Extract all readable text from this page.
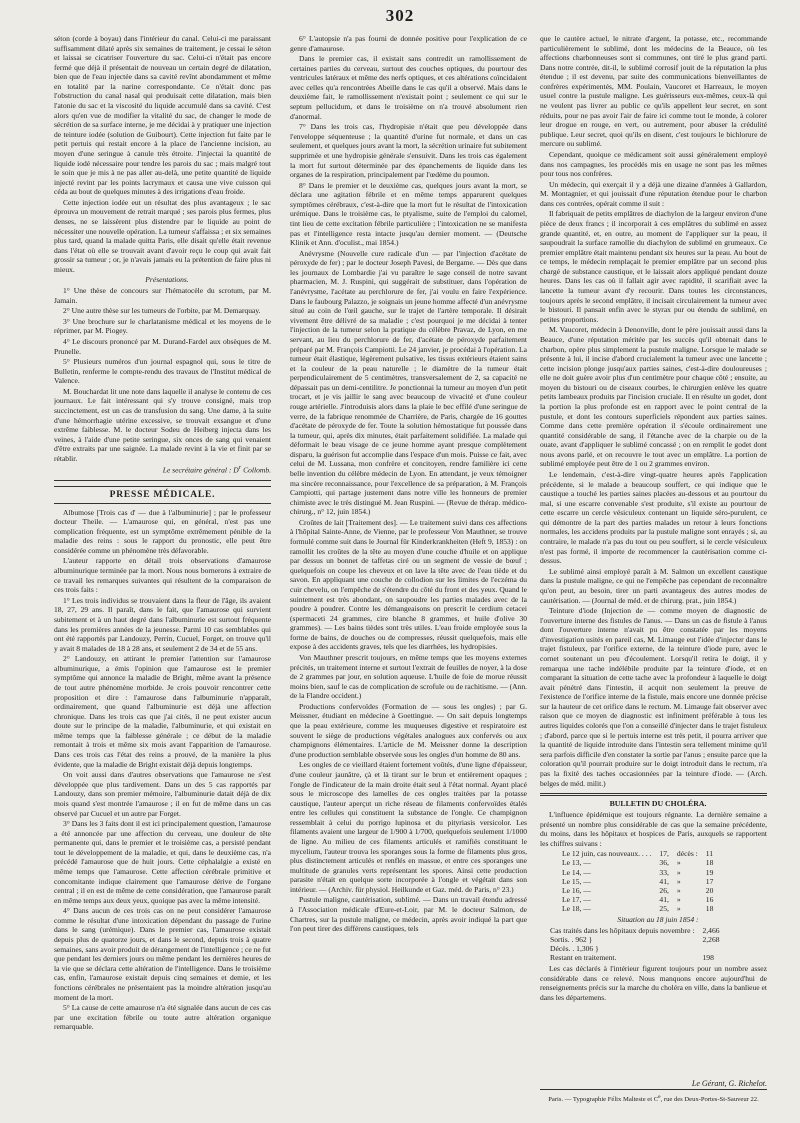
302

séton (corde à boyau) dans l'intérieur du canal. Celui-ci me paraissant suffisamment dilaté après six semaines de traitement, je cessai le séton et laissai se cicatriser l'ouverture du sac. Celui-ci n'était pas encore fermé que déjà il présentait de nouveau un certain degré de dilatation, bien que de l'eau injectée dans sa cavité revînt abondamment et même en totalité par la narine correspondante. Ce n'était donc pas l'obstruction du canal nasal qui produisait cette dilatation, mais bien l'atonie du sac et la viscosité du liquide accumulé dans sa cavité. C'est alors qu'en vue de modifier la vitalité du sac, de changer le mode de sécrétion de sa surface interne, je me décidai à y pratiquer une injection de teinture iodée (solution de Guibourt). Cette injection fut faite par le petit pertuis qui restait encore à la place de l'ancienne incision, au moyen d'une seringue à canule très étroite. J'injectai la quantité de liquide iodé nécessaire pour tendre les parois du sac ; mais malgré tout le soin que je mis à ne pas aller au-delà, une petite quantité de liquide injecté revint par les points lacrymaux et causa une vive cuisson qui céda au bout de quelques minutes à des irrigations d'eau froide.

Cette injection iodée eut un résultat des plus avantageux ; le sac éprouva un mouvement de retrait marqué ; ses parois plus fermes, plus denses, ne se laissèrent plus distendre par le liquide au point de nécessiter une nouvelle opération. La tumeur s'affaissa ; et six semaines plus tard, quand la malade quitta Paris, elle disait qu'elle était revenue dans l'état où elle se trouvait avant d'avoir reçu le coup qui avait fait grossir sa tumeur ; or, je n'avais jamais eu la prétention de faire plus ni mieux.

Présentations.

1° Une thèse de concours sur l'hématocèle du scrotum, par M. Jamain.

2° Une autre thèse sur les tumeurs de l'orbite, par M. Demarquay.

3° Une brochure sur le charlatanisme médical et les moyens de le réprimer, par M. Piogey.

4° Le discours prononcé par M. Durand-Fardel aux obsèques de M. Prunelle.

5° Plusieurs numéros d'un journal espagnol qui, sous le titre de Bulletin, renferme le compte-rendu des travaux de l'Institut médical de Valence.

M. Bouchardat lit une note dans laquelle il analyse le contenu de ces journaux. Le fait intéressant qui s'y trouve consigné, mais trop succinctement, est un cas de transfusion du sang. Une dame, à la suite d'une hémorrhagie utérine excessive, se trouvait exsangue et d'une extrême faiblesse. M. le docteur Sodeu de Heiberg injecta dans les veines, à l'aide d'une petite seringue, six onces de sang qui venaient d'être extraits par une saignée. La malade revint à la vie et finit par se rétablir.

Le secrétaire général : $D^r$ Collomb.

PRESSE MÉDICALE.

Albumose [Trois cas d' — due à l'albuminurie] ; par le professeur docteur Theile. — L'amaurose qui, en général, n'est pas une complication fréquente, est un symptôme extrêmement pénible de la maladie des reins : sous le rapport du pronostic, elle peut être considérée comme un phénomène très défavorable.

L'auteur rapporte en détail trois observations d'amaurose albuminurique terminée par la mort. Nous nous bornerons à extraire de ce travail les remarques suivantes qui résultent de la comparaison de ces trois faits :

1° Les trois individus se trouvaient dans la fleur de l'âge, ils avaient 18, 27, 29 ans. Il paraît, dans le fait, que l'amaurose qui survient subitement et à un haut degré dans l'albuminurie est surtout fréquente dans les premières années de la jeunesse. Parmi 10 cas semblables qui ont été rapportés par Landouzy, Perrin, Cucuel, Forget, on trouve qu'il y avait 8 malades de 18 à 28 ans, et seulement 2 de 34 et de 55 ans.

2° Landouzy, en attirant le premier l'attention sur l'amaurose albuminurique, a émis l'opinion que l'amaurose est le premier symptôme qui annonce la maladie de Bright, même avant la présence de tout autre phénomène morbide. Je crois pouvoir rencontrer cette proposition et dire : l'amaurose dans l'albuminurie n'apparaît, ordinairement, que quand l'albuminurie est déjà une affection chronique. Dans les trois cas que j'ai cités, il ne peut exister aucun doute sur le principe de la maladie, l'albuminurie, et qui existait en même temps que la faiblesse générale ; ce début de la maladie remontait à trois et même six mois avant l'apparition de l'amaurose. Dans ces trois cas l'état des reins a prouvé, de la manière la plus évidente, que la maladie de Bright existait déjà depuis longtemps.

On voit aussi dans d'autres observations que l'amaurose ne s'est développée que plus tardivement. Dans un des 5 cas rapportés par Landouzy, dans son premier mémoire, l'albuminurie datait déjà de dix mois quand s'est montrée l'amaurose ; il en fut de même dans un cas observé par Cucuel et un autre par Forget.

3° Dans les 3 faits dont il est ici principalement question, l'amaurose a été annoncée par une affection du cerveau, une douleur de tête permanente qui, dans le premier et le troisième cas, a persisté pendant tout le développement de la maladie, et qui, dans le deuxième cas, n'a précédé l'amaurose que de huit jours. Cette céphalalgie a existé en même temps que l'amaurose. Cette affection cérébrale primitive et concomitante indique clairement que l'amaurose dérive de l'organe central ; il en est de même de cette considération, que l'amaurose paraît en même temps aux deux yeux, quoique pas avec la même intensité.

4° Dans aucun de ces trois cas on ne peut considérer l'amaurose comme le résultat d'une intoxication dépendant du passage de l'urine dans le sang (urémique). Dans le premier cas, l'amaurose existait depuis plus de quatorze jours, et dans le second, depuis trois à quatre semaines, sans avoir produit de dérangement de l'intelligence ; ce ne fut que pendant les derniers jours ou même pendant les dernières heures de la vie que se déclara cette altération de l'intelligence. Dans le troisième cas, enfin, l'amaurose existait depuis cinq semaines et demie, et les fonctions cérébrales ne présentaient pas la moindre altération jusqu'au moment de la mort.

5° La cause de cette amaurose n'a été signalée dans aucun de ces cas par une excitation fébrile ou toute autre altération organique remarquable.

6° L'autopsie n'a pas fourni de donnée positive pour l'explication de ce genre d'amaurose.

Dans le premier cas, il existait sans contredit un ramollissement de certaines parties du cerveau, surtout des couches optiques, du pourtour des ventricules latéraux et même des nerfs optiques, et ces altérations coïncidaient avec celles qu'a rencontrées Abeille dans le cas qu'il a observé. Mais dans le deuxième fait, le ramollissement n'existait point ; seulement ce qui sur le septum pellucidum, et dans le troisième on n'a trouvé absolument rien d'anormal.

7° Dans les trois cas, l'hydropisie n'était que peu développée dans l'enveloppe séquenteuse ; la quantité d'urine fut normale, et dans un cas seulement, et quelques jours avant la mort, la sécrétion urinaire fut subitement supprimée et une hydropisie générale s'ensuivit. Dans les trois cas également la mort fut surtout déterminée par des épanchements de liquide dans les organes de la respiration, principalement par l'œdème du poumon.

8° Dans le premier et le deuxième cas, quelques jours avant la mort, se déclara une agitation fébrile et en même temps apparurent quelques symptômes cérébraux, c'est-à-dire que la mort fut le résultat de l'intoxication urémique. Dans le troisième cas, le ptyalisme, suite de l'emploi du calomel, tint lieu de cette excitation fébrile particulière ; l'intoxication ne se manifesta pas et l'intelligence resta intacte jusqu'au dernier moment. — (Deutsche Klinik et Ann. d'oculist., mai 1854.)

Anévrysme (Nouvelle cure radicale d'un — par l'injection d'acétate de péroxyde de fer) ; par le docteur Joseph Pavesi, de Bergame. — Dès que dans les journaux de Lombardie j'ai vu paraître le sage conseil de notre savant pharmacien, M. J. Ruspini, qui suggérait de substituer, dans l'opération de l'anévrysme, l'acétate au perchlorure de fer, j'ai voulu en faire l'expérience. Dans le faubourg Palazzo, je soignais un jeune homme affecté d'un anévrysme situé au coin de l'œil gauche, sur le trajet de l'artère temporale. Il désirait vivement être délivré de sa maladie ; c'est pourquoi je me décidai à tenter l'injection de la tumeur selon la pratique du célèbre Pravaz, de Lyon, en me servant, au lieu du perchlorure de fer, d'acétate de péroxyde parfaitement préparé par M. François Campiotti. Le 24 janvier, je procédai à l'opération. La tumeur était élastique, légèrement pulsative, les tissus extérieurs étaient sains et la couleur de la peau naturelle ; le diamètre de la tumeur était perpendiculairement de 5 centimètres, transversalement de 2, sa capacité ne dépassait pas un demi-centilitre. Je ponctionnai la tumeur au moyen d'un petit trocart, et je vis jaillir le sang avec beaucoup de vivacité et d'une couleur rouge artérielle. J'introduisis alors dans la plaie le bec effilé d'une seringue de verre, de la fabrique renommée de Charrière, de Paris, chargée de 16 gouttes d'acétate de péroxyde de fer. Toute la solution hémostatique fut poussée dans la tumeur, qui, après dix minutes, était parfaitement solidifiée. La malade qui déformait le beau visage de ce jeune homme ayant presque complètement disparu, la guérison fut accomplie dans l'espace d'un mois. Puisse ce fait, avec celui de M. Lussana, mon confrère et concitoyen, rendre familière ici cette belle invention du célèbre médecin de Lyon. En attendant, je veux témoigner ma sincère reconnaissance, pour l'excellence de sa préparation, à M. François Campiotti, qui partage justement dans notre ville les honneurs de premier chimiste avec le très distingué M. Jean Ruspini. — (Revue de thérap. médico-chirurg., n° 12, juin 1854.)

Croûtes de lait [Traitement des]. — Le traitement suivi dans ces affections à l'hôpital Sainte-Anne, de Vienne, par le professeur Von Mauthner, se trouve formulé comme suit dans le Journal für Kinderkrankheiten (Heft 9, 1853) : on ramollit les croûtes de la tête au moyen d'une couche d'huile et on applique par dessus un bonnet de taffetas ciré ou un segment de vessie de bœuf ; quelquefois on coupe les cheveux et on lave la tête avec de l'eau tiède et du savon. En appliquant une couche de collodion sur les limites de l'eczéma du cuir chevelu, on l'empêche de s'étendre du côté du front et des yeux. Quand le suintement est très abondant, on saupoudre les parties malades avec de la poudre à poudrer. Contre les démangeaisons on prescrit le cerdium cetacei (spermaceti 24 grammes, cire blanche 8 grammes, et huile d'olive 30 grammes). — Les bains tièdes sont très utiles. L'eau froide employée sous la forme de bains, de douches ou de compresses, réussit quelquefois, mais elle expose à des accidents graves, tels que les diarrhées, les hydropisies.

Von Mauthner prescrit toujours, en même temps que les moyens externes précités, un traitement interne et surtout l'extrait de feuilles de noyer, à la dose de 2 grammes par jour, en solution aqueuse. L'huile de foie de morue réussit moins bien, sauf le cas de complication de scrofule ou de rachitisme. — (Ann. de la Flandre occident.)

Productions confervoïdes (Formation de — sous les ongles) ; par G. Meissner, étudiant en médecine à Goettingue. — On sait depuis longtemps que la peau extérieure, comme les muqueuses digestive et respiratoire est souvent le siège de productions végétales analogues aux confervés ou aux champignons élémentaires. L'article de M. Meissner donne la description d'une production semblable observée sous les ongles d'un homme de 80 ans.

Les ongles de ce vieillard étaient fortement voûtés, d'une ligne d'épaisseur, d'une couleur jaunâtre, çà et là tirant sur le brun et entièrement opaques ; l'ongle de l'indicateur de la main droite était seul à l'état normal. Ayant placé sous le microscope des lamelles de ces ongles traitées par la potasse caustique, l'auteur aperçut un riche réseau de filaments confervoïdes étalés entre les cellules qui constituent la substance de l'ongle. Ce champignon ressemblait à celui du porrigo lupinosa et du pityriasis versicolor. Les filaments avaient une largeur de 1/900 à 1/700, quelquefois seulement 1/1000 de ligne. Au milieu de ces filaments articulés et ramifiés constituant le mycelium, l'auteur trouva les sporanges sous la forme de filaments plus gros, plus distinctement articulés et renflés en massue, et entre ces sporanges une multitude de granules verts représentant les spores. Ainsi cette production parasite n'était en quelque sorte incorporée à l'ongle et végétait dans son intérieur. — (Archiv. für physiol. Heilkunde et Gaz. méd. de Paris, n° 23.)

Pustule maligne, cautérisation, sublimé. — Dans un travail étendu adressé à l'Association médicale d'Eure-et-Loir, par M. le docteur Salmon, de Chartres, sur la pustule maligne, ce médecin, après avoir indiqué la part que l'on peut tirer des différens caustiques, tels

que le cautère actuel, le nitrate d'argent, la potasse, etc., recommande particulièrement le sublimé, dont les médecins de la Beauce, où les affections charbonneuses sont si communes, ont tiré le plus grand parti. Dans notre contrée, dit-il, le sublimé corrosif jouit de la réputation la plus étendue ; il est devenu, par suite des communications bienveillantes de confrères expérimentés, MM. Poulain, Vaucoret et Harreaux, le moyen usuel contre la pustule maligne. Les guérisseurs eux-mêmes, ceux-là qui ne veulent pas livrer au public ce qu'ils appellent leur secret, en sont réduits, pour ne pas avoir l'air de faire ici comme tout le monde, à colorer leur drogue en rouge, en vert, ou autrement, pour abuser la crédulité publique. Leur secret, quoi qu'ils en disent, c'est toujours le bichlorure de mercure ou sublimé.

Cependant, quoique ce médicament soit aussi généralement employé dans nos campagnes, les procédés mis en usage ne sont pas les mêmes pour tous nos confrères.

Un médecin, qui exerçait il y a déjà une dizaine d'années à Gallardon, M. Montagnier, et qui jouissait d'une réputation étendue pour le charbon dans ces contrées, opérait comme il suit :

Il fabriquait de petits emplâtres de diachylon de la largeur environ d'une pièce de deux francs ; il incorporait à ces emplâtres du sublimé en assez grande quantité, et, en outre, au moment de l'appliquer sur la peau, il saupoudrait la surface ramollie du diachylon de sublimé en grumeaux. Ce premier emplâtre était maintenu pendant six heures sur la peau. Au bout de ce temps, le médecin remplaçait le premier emplâtre par un second plus chargé de substance caustique, et le laissait alors appliqué pendant douze heures. Dans les cas où il fallait agir avec rapidité, il scarifiait avec la lancette la tumeur avant d'y recourir. Dans toutes les circonstances, toujours après le second emplâtre, il incisait circulairement la tumeur avec le bistouri. Il pansait enfin avec le styrax pur ou étendu de sublimé, en petites proportions.

M. Vaucoret, médecin à Denonville, dont le père jouissait aussi dans la Beauce, d'une réputation méritée par les succès qu'il obtenait dans le charbon, opère plus simplement la pustule maligne. Lorsque le malade se présente à lui, il incise d'abord crucialement la tumeur avec une lancette ; cette incision plonge jusqu'aux parties saines, c'est-à-dire douloureuses ; elle ne doit guère avoir plus d'un centimètre pour chaque côté ; ensuite, au moyen du bistouri ou de ciseaux courbes, le chirurgien enlève les quatre petits lambeaux produits par l'incision cruciale. Il en résulte un godet, dont la portion la plus profonde est en rapport avec le point central de la pustule, et dont les contours superficiels répondent aux parties saines. Comme dans cette première opération il s'écoule ordinairement une quantité considérable de sang, il l'étanche avec de la charpie ou de la ouate, avant d'appliquer le sublimé concassé ; on en remplit le godet dont nous avons parlé, et on recouvre le tout avec un emplâtre. La portion de sublimé employée peut être de 1 ou 2 grammes environ.

Le lendemain, c'est-à-dire vingt-quatre heures après l'application précédente, si le malade a beaucoup souffert, ce qui indique que le caustique a touché les parties saines placées au-dessous et au pourtour du mal, si une escarre convenable s'est produite, s'il existe au pourtour de cette escarre un cercle vésiculeux contenant un liquide séro-purulent, ce qui démontre de la part des parties malades un retour à leurs fonctions normales, les accidens produits par la pustule maligne sont enrayés ; si, au contraire, le malade n'a pas du tout ou peu souffert, si le cercle vésiculeux n'est pas formé, il importe de recommencer la cautérisation comme ci-dessus.

Le sublimé ainsi employé paraît à M. Salmon un excellent caustique dans la pustule maligne, ce qui ne l'empêche pas cependant de reconnaître qu'on peut, au besoin, tirer un parti avantageux des autres modes de cautérisation. — (Journal de méd. et de chirurg. prat., juin 1854.)

Teinture d'iode (Injection de — comme moyen de diagnostic de l'ouverture interne des fistules de l'anus. — Dans un cas de fistule à l'anus dont l'ouverture interne n'avait pu être constatée par les moyens d'investigation usités en pareil cas, M. Limauge eut l'idée d'injecter dans le trajet fistuleux, par l'orifice externe, de la teinture d'iode pure, avec le cornet soutenant un peu d'écoulement. Lorsqu'il retira le doigt, il y remarqua une tache indélébile produite par la teinture d'iode, et en comparant la situation de cette tache avec la profondeur à laquelle le doigt avait pénétré dans l'intestin, il acquit non seulement la preuve de l'existence de l'orifice interne de la fistule, mais encore une donnée précise sur la hauteur de cet orifice dans le rectum. M. Limauge fait observer avec raison que ce moyen de diagnostic est infiniment préférable à tous les autres liquides colorés que l'on a conseillé d'injecter dans le trajet fistuleux ; d'abord, parce que si le pertuis interne est très petit, il pourra arriver que la quantité de liquide introduite dans l'intestin sera tellement minime qu'il sera parfois difficile d'en constater la sortie par l'anus ; ensuite parce que la coloration qu'il pourrait produire sur le doigt introduit dans le rectum, n'a pas la fixité des taches occasionnées par la teinture d'iode. — (Arch. belges de méd. milit.)

BULLETIN DU CHOLÉRA.

L'influence épidémique est toujours régnante. La dernière semaine a présenté un nombre plus considérable de cas que la semaine précédente, du moins, dans les hôpitaux et hospices de Paris, auxquels se rapportent les chiffres suivans :

Le 12 juin, cas nouveaux. . . .	17,	décès :	11
Le 13, —	36,	»	18
Le 14, —	33,	»	19
Le 15, —	41,	»	17
Le 16, —	26,	»	20
Le 17, —	41,	»	16
Le 18, —	25,	»	18

Situation au 18 juin 1854 :

Cas traités dans les hôpitaux depuis novembre :	2,466
Sortis. . 962 }	2,268
Décès. . 1,306 }	
Restant en traitement.	198

Les cas déclarés à l'intérieur figurent toujours pour un nombre assez considérable dans ce relevé. Nous manquons encore aujourd'hui de renseignements précis sur la marche du choléra en ville, dans la banlieue et dans les départemens.

Le Gérant, G. Richelot.
Paris. — Typographie Félix Malteste et Ce, rue des Deux-Portes-St-Sauveur 22.
